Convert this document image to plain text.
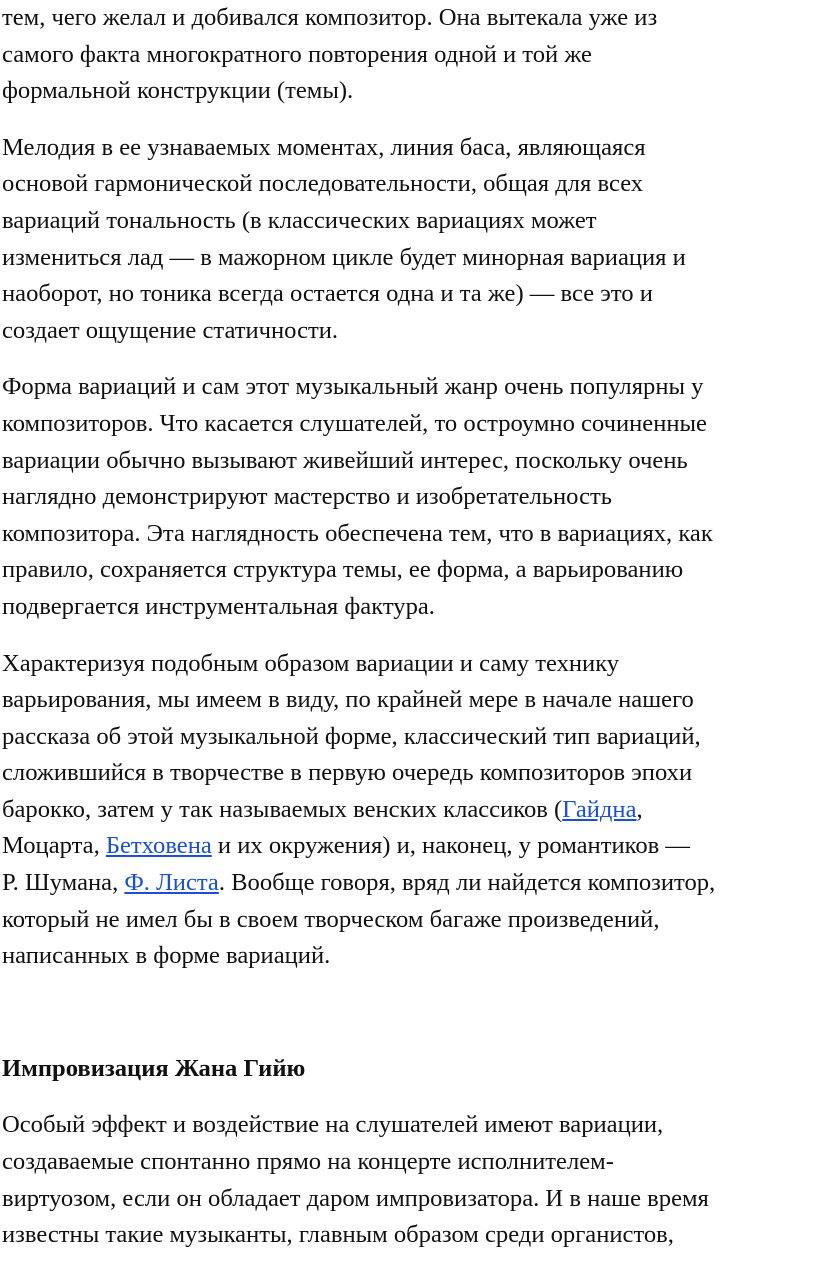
тем, чего желал и добивался композитор. Она вытекала уже из
самого факта многократного повторения одной и той же
формальной конструкции (темы).
Мелодия в ее узнаваемых моментах, линия баса, являющаяся
основой гармонической последовательности, общая для всех
вариаций тональность (в классических вариациях может
измениться лад — в мажорном цикле будет минорная вариация и
наоборот, но тоника всегда остается одна и та же) — все это и
создает ощущение статичности.
Форма вариаций и сам этот музыкальный жанр очень популярны у
композиторов. Что касается слушателей, то остроумно сочиненные
вариации обычно вызывают живейший интерес, поскольку очень
наглядно демонстрируют мастерство и изобретательность
композитора. Эта наглядность обеспечена тем, что в вариациях, как
правило, сохраняется структура темы, ее форма, а варьированию
подвергается инструментальная фактура.
Характеризуя подобным образом вариации и саму технику
варьирования, мы имеем в виду, по крайней мере в начале нашего
рассказа об этой музыкальной форме, классический тип вариаций,
сложившийся в творчестве в первую очередь композиторов эпохи
барокко, затем у так называемых венских классиков (Гайдна,
Моцарта, Бетховена и их окружения) и, наконец, у романтиков —
Р. Шумана, Ф. Листа. Вообще говоря, вряд ли найдется композитор,
который не имел бы в своем творческом багаже произведений,
написанных в форме вариаций.
Импровизация Жана Гийю
Особый эффект и воздействие на слушателей имеют вариации,
создаваемые спонтанно прямо на концерте исполнителем-
виртуозом, если он обладает даром импровизатора. И в наше время
известны такие музыканты, главным образом среди органистов,
